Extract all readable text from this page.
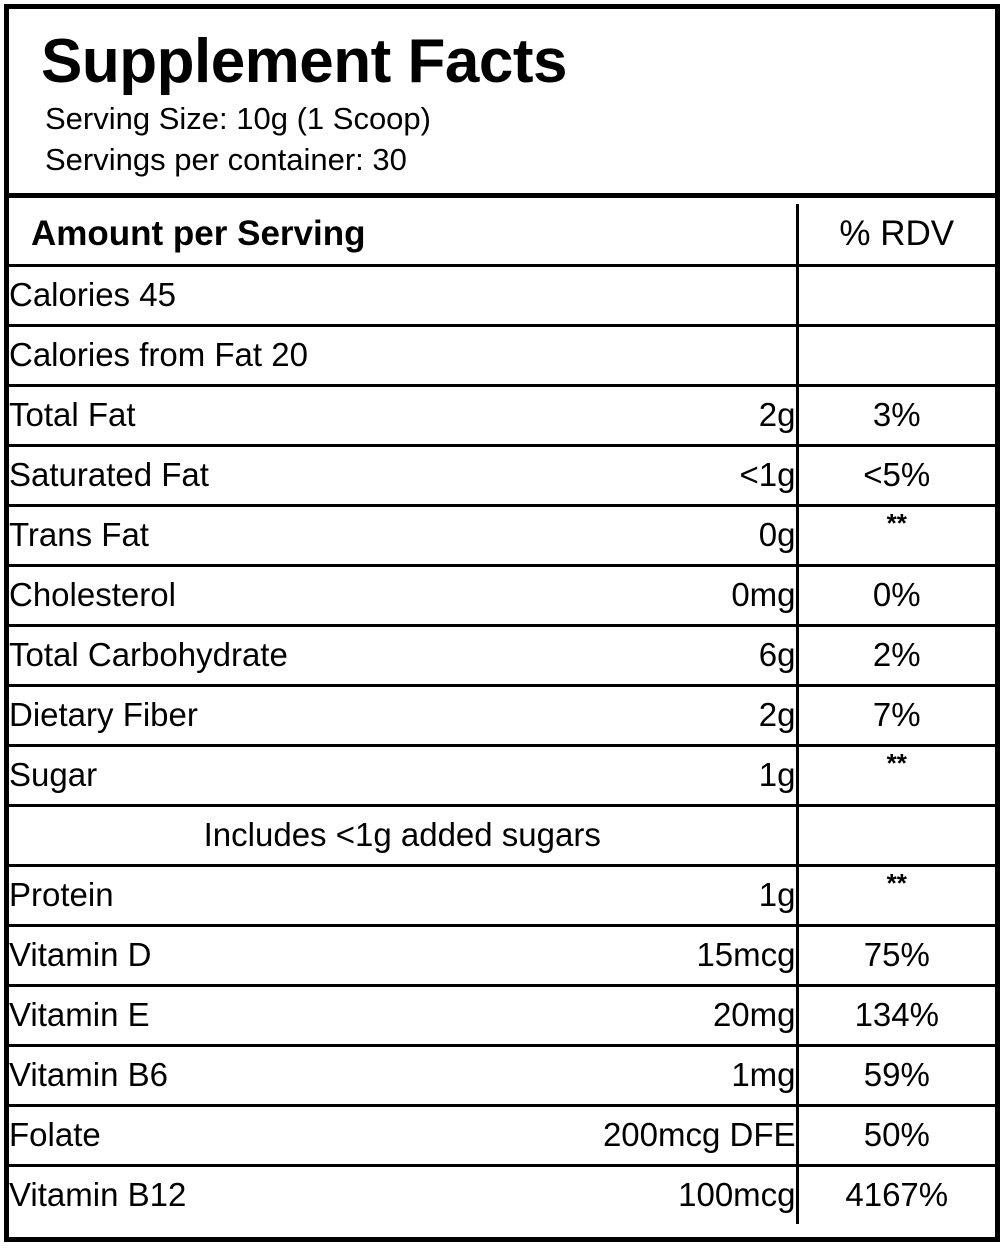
Supplement Facts
Serving Size: 10g (1 Scoop)
Servings per container: 30
Amount per Serving		% RDV
Calories 45		
Calories from Fat 20		
Total Fat	2g	3%
Saturated Fat	<1g	<5%
Trans Fat	0g	**
Cholesterol	0mg	0%
Total Carbohydrate	6g	2%
Dietary Fiber	2g	7%
Sugar	1g	**
Includes <1g added sugars		
Protein	1g	**
Vitamin D	15mcg	75%
Vitamin E	20mg	134%
Vitamin B6	1mg	59%
Folate	200mcg DFE	50%
Vitamin B12	100mcg	4167%
